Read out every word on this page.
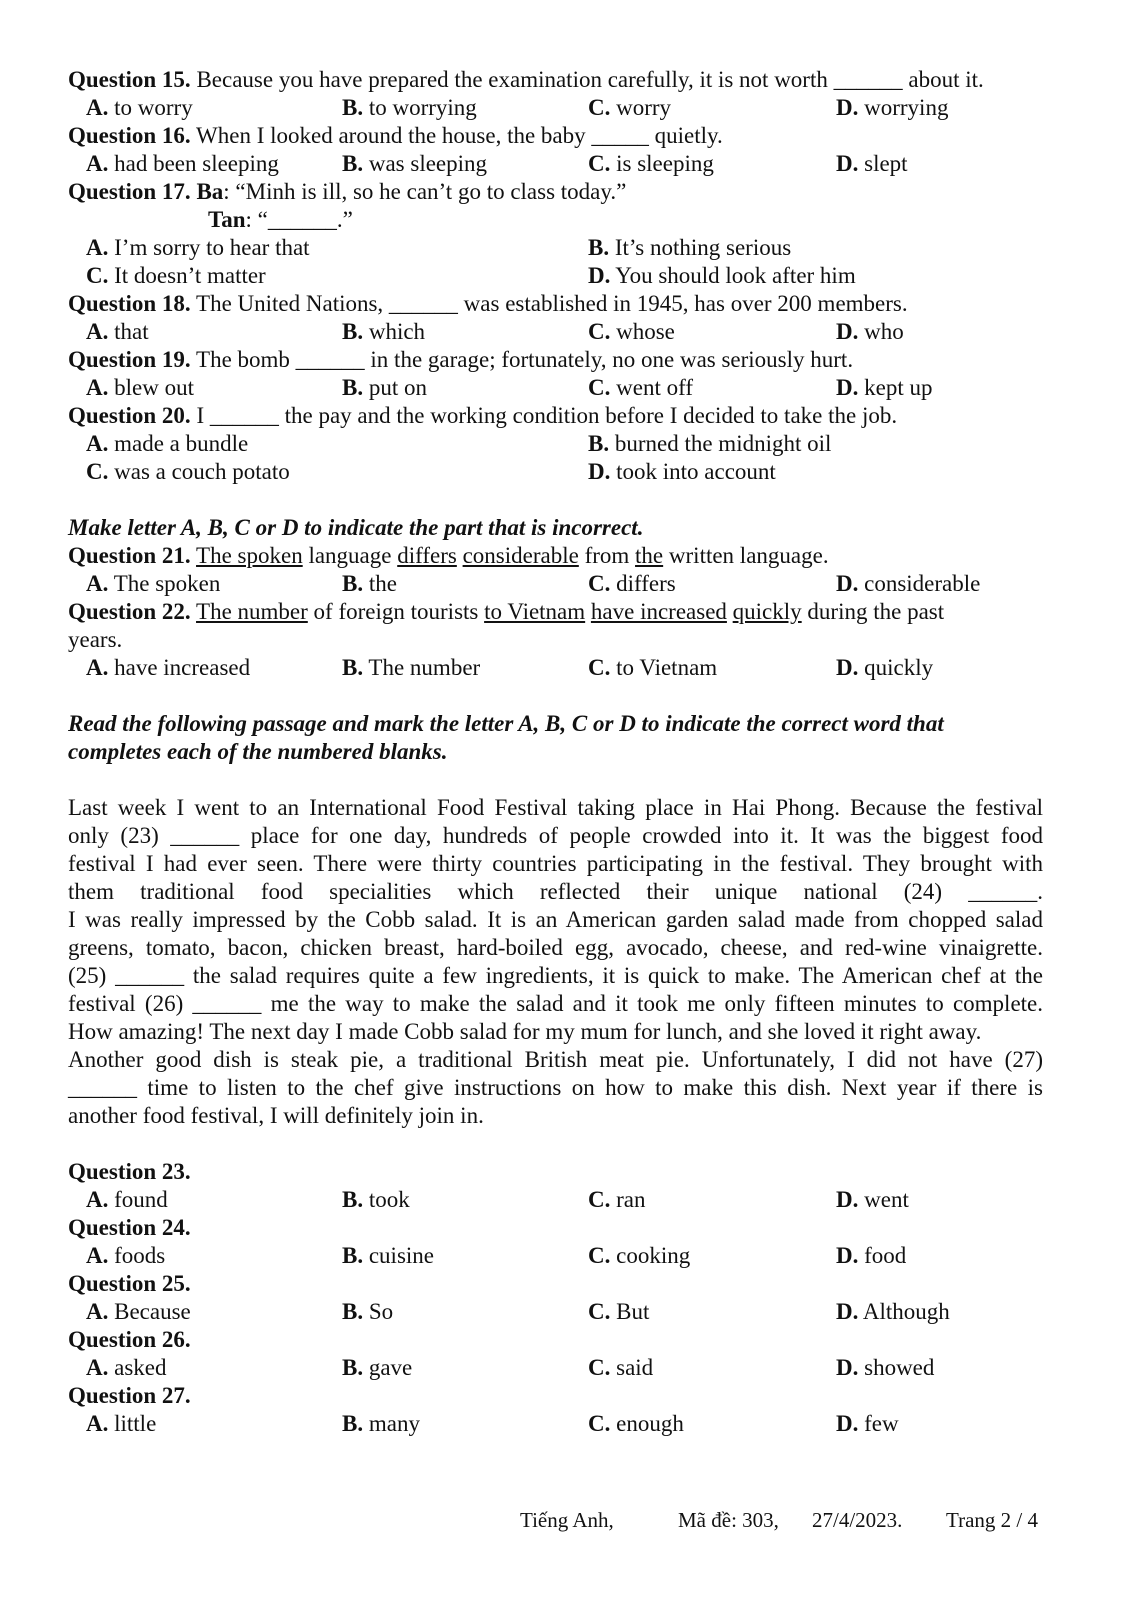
Question 15. Because you have prepared the examination carefully, it is not worth ______ about it.
A. to worry	B. to worrying	C. worry	D. worrying
Question 16. When I looked around the house, the baby _____ quietly.
A. had been sleeping	B. was sleeping	C. is sleeping	D. slept
Question 17. Ba: “Minh is ill, so he can’t go to class today.”
Tan: “______.”
A. I’m sorry to hear that	B. It’s nothing serious
C. It doesn’t matter	D. You should look after him
Question 18. The United Nations, ______ was established in 1945, has over 200 members.
A. that	B. which	C. whose	D. who
Question 19. The bomb ______ in the garage; fortunately, no one was seriously hurt.
A. blew out	B. put on	C. went off	D. kept up
Question 20. I ______ the pay and the working condition before I decided to take the job.
A. made a bundle	B. burned the midnight oil
C. was a couch potato	D. took into account
Make letter A, B, C or D to indicate the part that is incorrect.
Question 21. The spoken language differs considerable from the written language.
A. The spoken	B. the	C. differs	D. considerable
Question 22. The number of foreign tourists to Vietnam have increased quickly during the past
years.
A. have increased	B. The number	C. to Vietnam	D. quickly
Read the following passage and mark the letter A, B, C or D to indicate the correct word that
completes each of the numbered blanks.

Last week I went to an International Food Festival taking place in Hai Phong. Because the festival

only (23) ______ place for one day, hundreds of people crowded into it. It was the biggest food

festival I had ever seen. There were thirty countries participating in the festival. They brought with

them traditional food specialities which reflected their unique national (24) ______.

I was really impressed by the Cobb salad. It is an American garden salad made from chopped salad

greens, tomato, bacon, chicken breast, hard-boiled egg, avocado, cheese, and red-wine vinaigrette.

(25) ______ the salad requires quite a few ingredients, it is quick to make. The American chef at the

festival (26) ______ me the way to make the salad and it took me only fifteen minutes to complete.

How amazing! The next day I made Cobb salad for my mum for lunch, and she loved it right away.

Another good dish is steak pie, a traditional British meat pie. Unfortunately, I did not have (27)

______ time to listen to the chef give instructions on how to make this dish. Next year if there is

another food festival, I will definitely join in.

Question 23.
A. found	B. took	C. ran	D. went
Question 24.
A. foods	B. cuisine	C. cooking	D. food
Question 25.
A. Because	B. So	C. But	D. Although
Question 26.
A. asked	B. gave	C. said	D. showed
Question 27.
A. little	B. many	C. enough	D. few
Tiếng Anh,	Mã đề: 303, 27/4/2023. Trang 2 / 4
